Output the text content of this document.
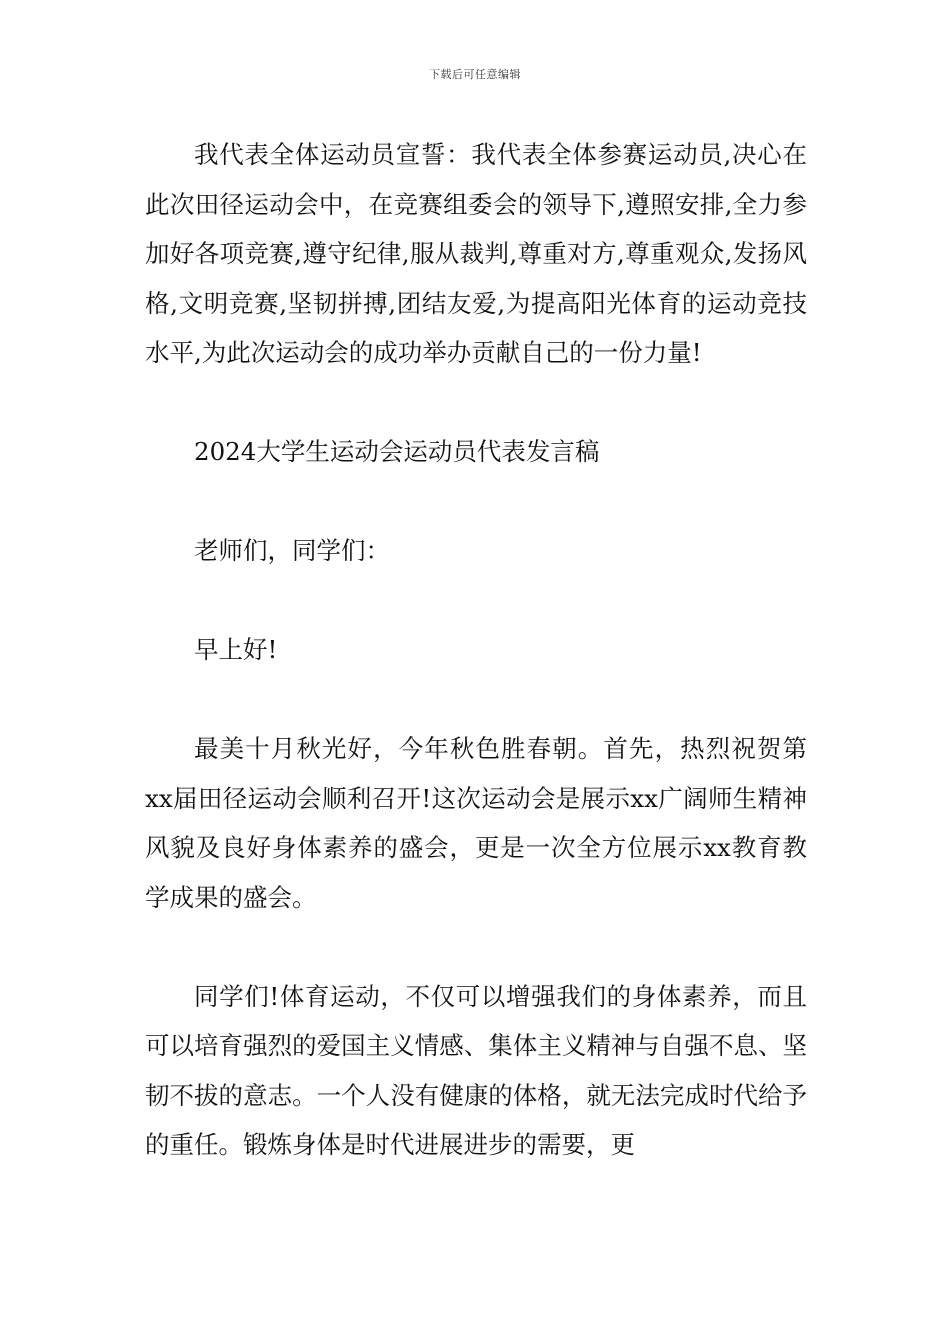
下载后可任意编辑

我代表全体运动员宣誓：我代表全体参赛运动员,决心在此次田径运动会中，在竞赛组委会的领导下,遵照安排,全力参加好各项竞赛,遵守纪律,服从裁判,尊重对方,尊重观众,发扬风格,文明竞赛,坚韧拼搏,团结友爱,为提高阳光体育的运动竞技水平,为此次运动会的成功举办贡献自己的一份力量!

2024大学生运动会运动员代表发言稿

老师们，同学们：

早上好!

最美十月秋光好，今年秋色胜春朝。首先，热烈祝贺第xx届田径运动会顺利召开!这次运动会是展示xx广阔师生精神风貌及良好身体素养的盛会，更是一次全方位展示xx教育教学成果的盛会。

同学们!体育运动，不仅可以增强我们的身体素养，而且可以培育强烈的爱国主义情感、集体主义精神与自强不息、坚韧不拔的意志。一个人没有健康的体格，就无法完成时代给予的重任。锻炼身体是时代进展进步的需要，更
